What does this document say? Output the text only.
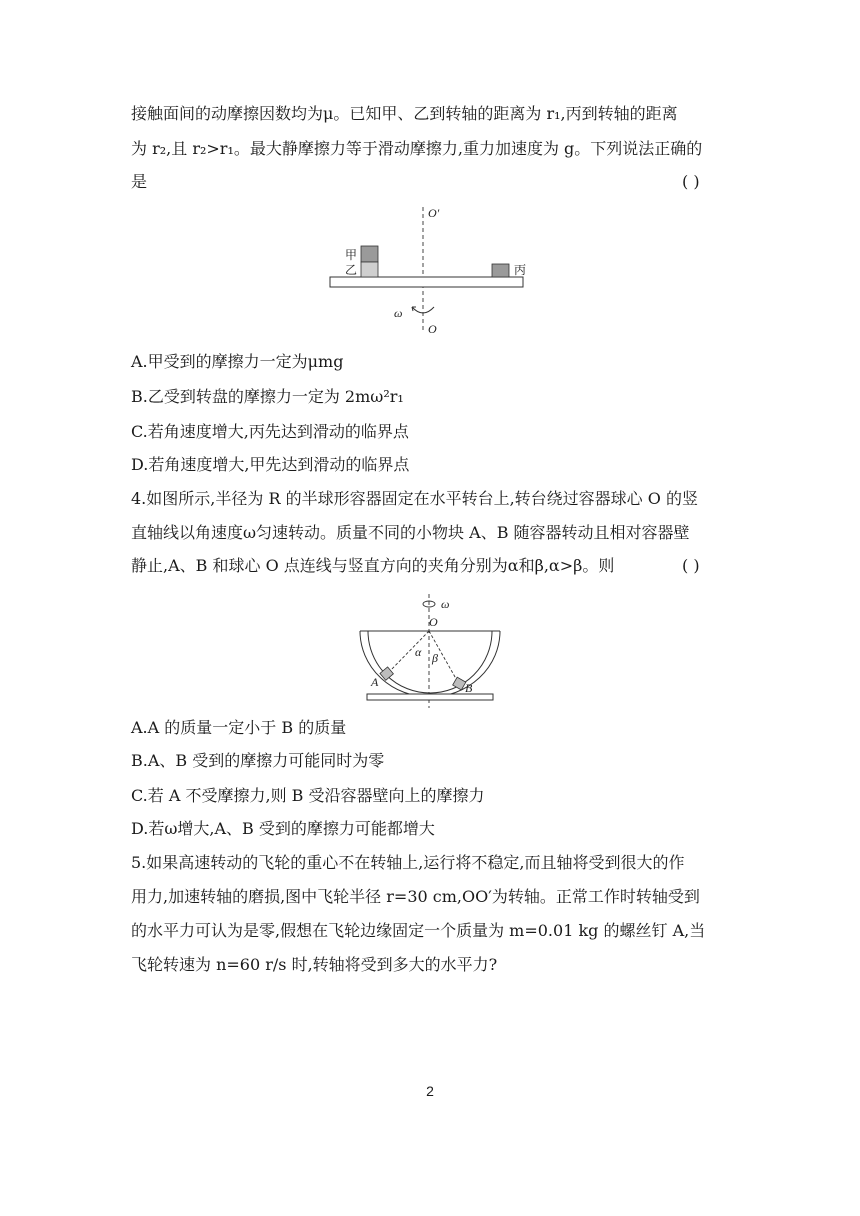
接触面间的动摩擦因数均为μ。已知甲、乙到转轴的距离为 r₁,丙到转轴的距离
为 r₂,且 r₂>r₁。最大静摩擦力等于滑动摩擦力,重力加速度为 g。下列说法正确的
是	( )
O′
甲
乙	丙
ω
O
A.甲受到的摩擦力一定为μmg
B.乙受到转盘的摩擦力一定为 2mω²r₁
C.若角速度增大,丙先达到滑动的临界点
D.若角速度增大,甲先达到滑动的临界点
4.如图所示,半径为 R 的半球形容器固定在水平转台上,转台绕过容器球心 O 的竖
直轴线以角速度ω匀速转动。质量不同的小物块 A、B 随容器转动且相对容器壁
静止,A、B 和球心 O 点连线与竖直方向的夹角分别为α和β,α>β。则	( )
ω
O
α β
A	B
A.A 的质量一定小于 B 的质量
B.A、B 受到的摩擦力可能同时为零
C.若 A 不受摩擦力,则 B 受沿容器壁向上的摩擦力
D.若ω增大,A、B 受到的摩擦力可能都增大
5.如果高速转动的飞轮的重心不在转轴上,运行将不稳定,而且轴将受到很大的作
用力,加速转轴的磨损,图中飞轮半径 r=30 cm,OO′为转轴。正常工作时转轴受到
的水平力可认为是零,假想在飞轮边缘固定一个质量为 m=0.01 kg 的螺丝钉 A,当
飞轮转速为 n=60 r/s 时,转轴将受到多大的水平力?
2
